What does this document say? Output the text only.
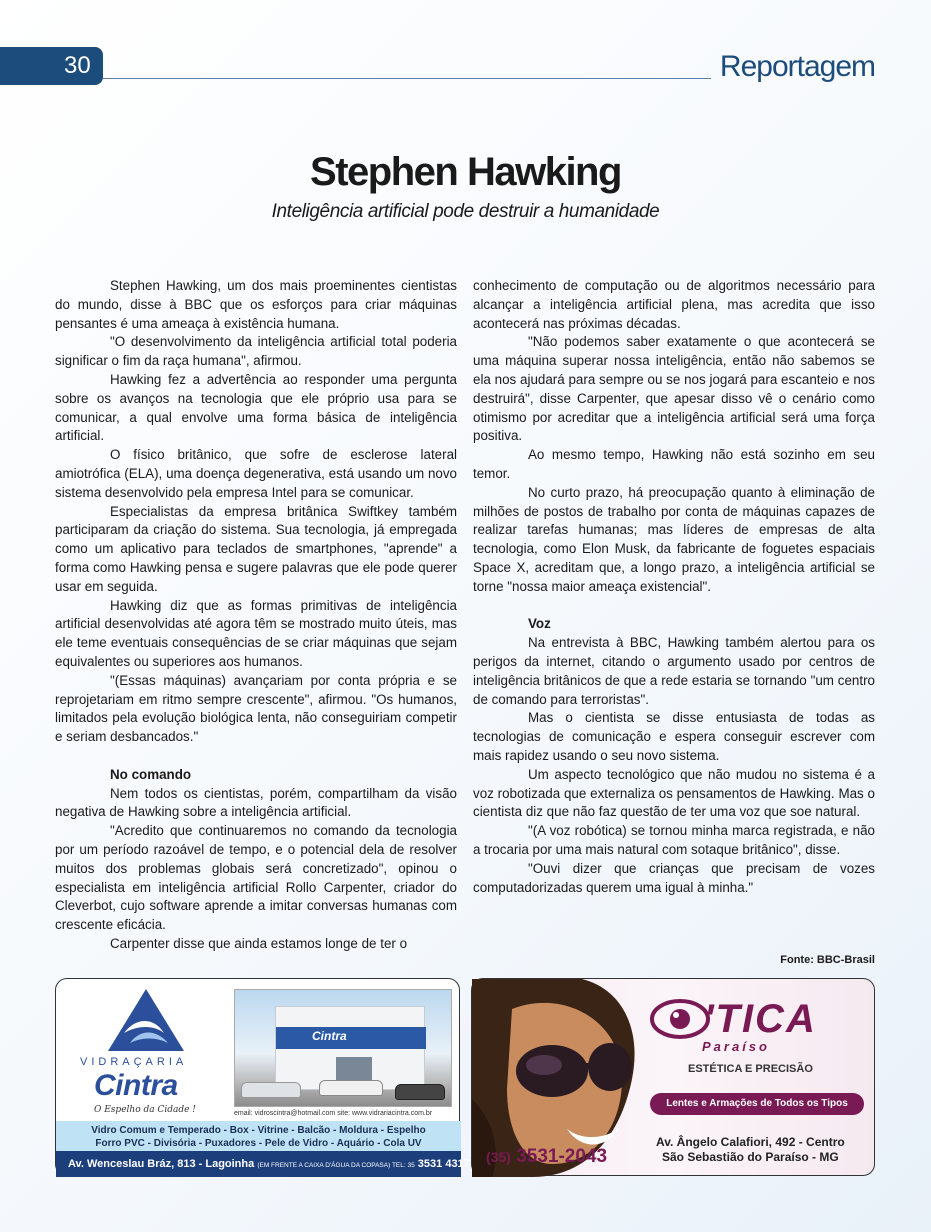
30	Reportagem
Stephen Hawking
Inteligência artificial pode destruir a humanidade

Stephen Hawking, um dos mais proeminentes cientistas do mundo, disse à BBC que os esforços para criar máquinas pensantes é uma ameaça à existência humana.

"O desenvolvimento da inteligência artificial total poderia significar o fim da raça humana", afirmou.

Hawking fez a advertência ao responder uma pergunta sobre os avanços na tecnologia que ele próprio usa para se comunicar, a qual envolve uma forma básica de inteligência artificial.

O físico britânico, que sofre de esclerose lateral amiotrófica (ELA), uma doença degenerativa, está usando um novo sistema desenvolvido pela empresa Intel para se comunicar.

Especialistas da empresa britânica Swiftkey também participaram da criação do sistema. Sua tecnologia, já empregada como um aplicativo para teclados de smartphones, "aprende" a forma como Hawking pensa e sugere palavras que ele pode querer usar em seguida.

Hawking diz que as formas primitivas de inteligência artificial desenvolvidas até agora têm se mostrado muito úteis, mas ele teme eventuais consequências de se criar máquinas que sejam equivalentes ou superiores aos humanos.

"(Essas máquinas) avançariam por conta própria e se reprojetariam em ritmo sempre crescente", afirmou. "Os humanos, limitados pela evolução biológica lenta, não conseguiriam competir e seriam desbancados."

No comando

Nem todos os cientistas, porém, compartilham da visão negativa de Hawking sobre a inteligência artificial.

"Acredito que continuaremos no comando da tecnologia por um período razoável de tempo, e o potencial dela de resolver muitos dos problemas globais será concretizado", opinou o especialista em inteligência artificial Rollo Carpenter, criador do Cleverbot, cujo software aprende a imitar conversas humanas com crescente eficácia.

Carpenter disse que ainda estamos longe de ter o

conhecimento de computação ou de algoritmos necessário para alcançar a inteligência artificial plena, mas acredita que isso acontecerá nas próximas décadas.

"Não podemos saber exatamente o que acontecerá se uma máquina superar nossa inteligência, então não sabemos se ela nos ajudará para sempre ou se nos jogará para escanteio e nos destruirá", disse Carpenter, que apesar disso vê o cenário como otimismo por acreditar que a inteligência artificial será uma força positiva.

Ao mesmo tempo, Hawking não está sozinho em seu temor.

No curto prazo, há preocupação quanto à eliminação de milhões de postos de trabalho por conta de máquinas capazes de realizar tarefas humanas; mas líderes de empresas de alta tecnologia, como Elon Musk, da fabricante de foguetes espaciais Space X, acreditam que, a longo prazo, a inteligência artificial se torne "nossa maior ameaça existencial".

Voz

Na entrevista à BBC, Hawking também alertou para os perigos da internet, citando o argumento usado por centros de inteligência britânicos de que a rede estaria se tornando "um centro de comando para terroristas".

Mas o cientista se disse entusiasta de todas as tecnologias de comunicação e espera conseguir escrever com mais rapidez usando o seu novo sistema.

Um aspecto tecnológico que não mudou no sistema é a voz robotizada que externaliza os pensamentos de Hawking. Mas o cientista diz que não faz questão de ter uma voz que soe natural.

"(A voz robótica) se tornou minha marca registrada, e não a trocaria por uma mais natural com sotaque britânico", disse.

"Ouvi dizer que crianças que precisam de vozes computadorizadas querem uma igual à minha."

Fonte: BBC-Brasil
VIDRAÇARIA
Cintra
O Espelho da Cidade !
Cintra
email: vidroscintra@hotmail.com site: www.vidrariacintra.com.br
Vidro Comum e Temperado - Box - Vitrine - Balcão - Moldura - Espelho
Forro PVC - Divisória - Puxadores - Pele de Vidro - Aquário - Cola UV
Av. Wenceslau Bráz, 813 - Lagoinha (EM FRENTE A CAIXA D'ÁGUA DA COPASA) TEL: 35 3531 4317
'TICA
Paraíso
ESTÉTICA E PRECISÃO
Lentes e Armações de Todos os Tipos
Av. Ângelo Calafiori, 492 - Centro
São Sebastião do Paraíso - MG
(35) 3531-2043
